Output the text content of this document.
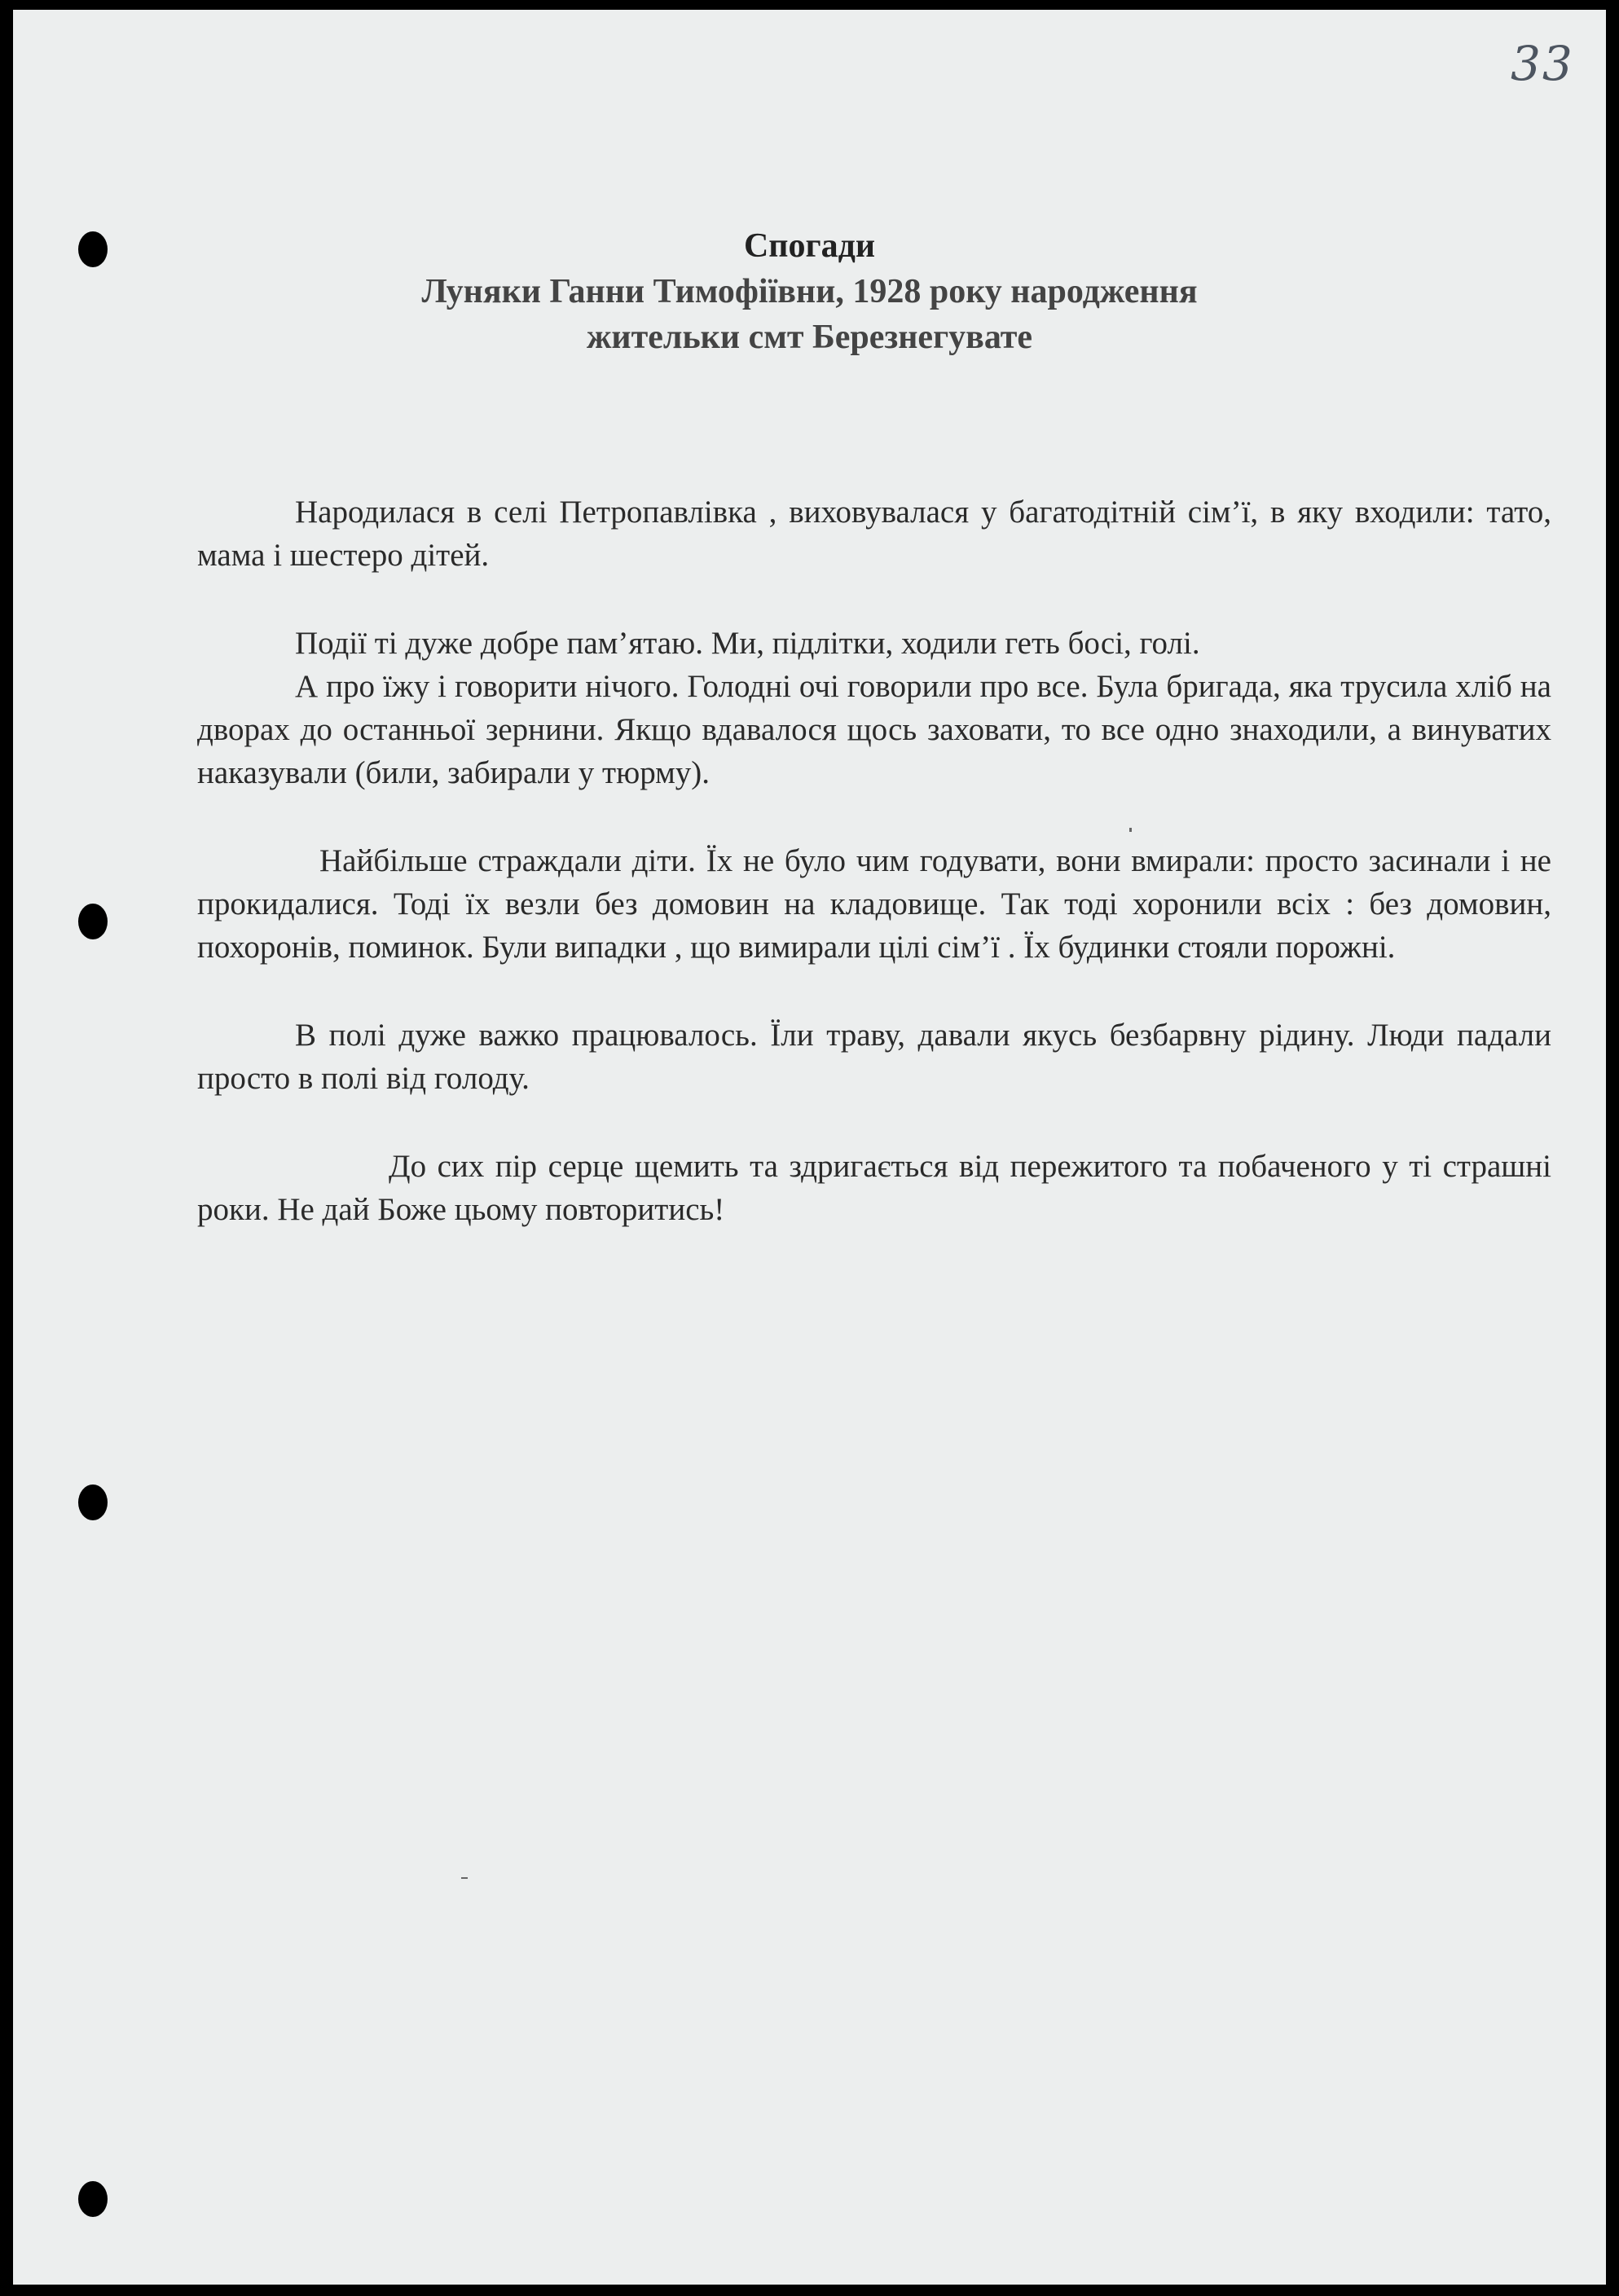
33
Спогади
Луняки Ганни Тимофіївни, 1928 року народження
жительки смт Березнегувате

Народилася в селі Петропавлівка , виховувалася у багатодітній сім’ї, в яку входили: тато, мама і шестеро дітей.

Події ті дуже добре пам’ятаю. Ми, підлітки, ходили геть босі, голі.

А про їжу і говорити нічого. Голодні очі говорили про все. Була бригада, яка трусила хліб на дворах до останньої зернини. Якщо вдавалося щось заховати, то все одно знаходили, а винуватих наказували (били, забирали у тюрму).

Найбільше страждали діти. Їх не було чим годувати, вони вмирали: просто засинали і не прокидалися. Тоді їх везли без домовин на кладовище. Так тоді хоронили всіх : без домовин, похоронів, поминок. Були випадки , що вимирали цілі сім’ї . Їх будинки стояли порожні.

В полі дуже важко працювалось. Їли траву, давали якусь безбарвну рідину. Люди падали просто в полі від голоду.

До сих пір серце щемить та здригається від пережитого та побаченого у ті страшні роки. Не дай Боже цьому повторитись!
